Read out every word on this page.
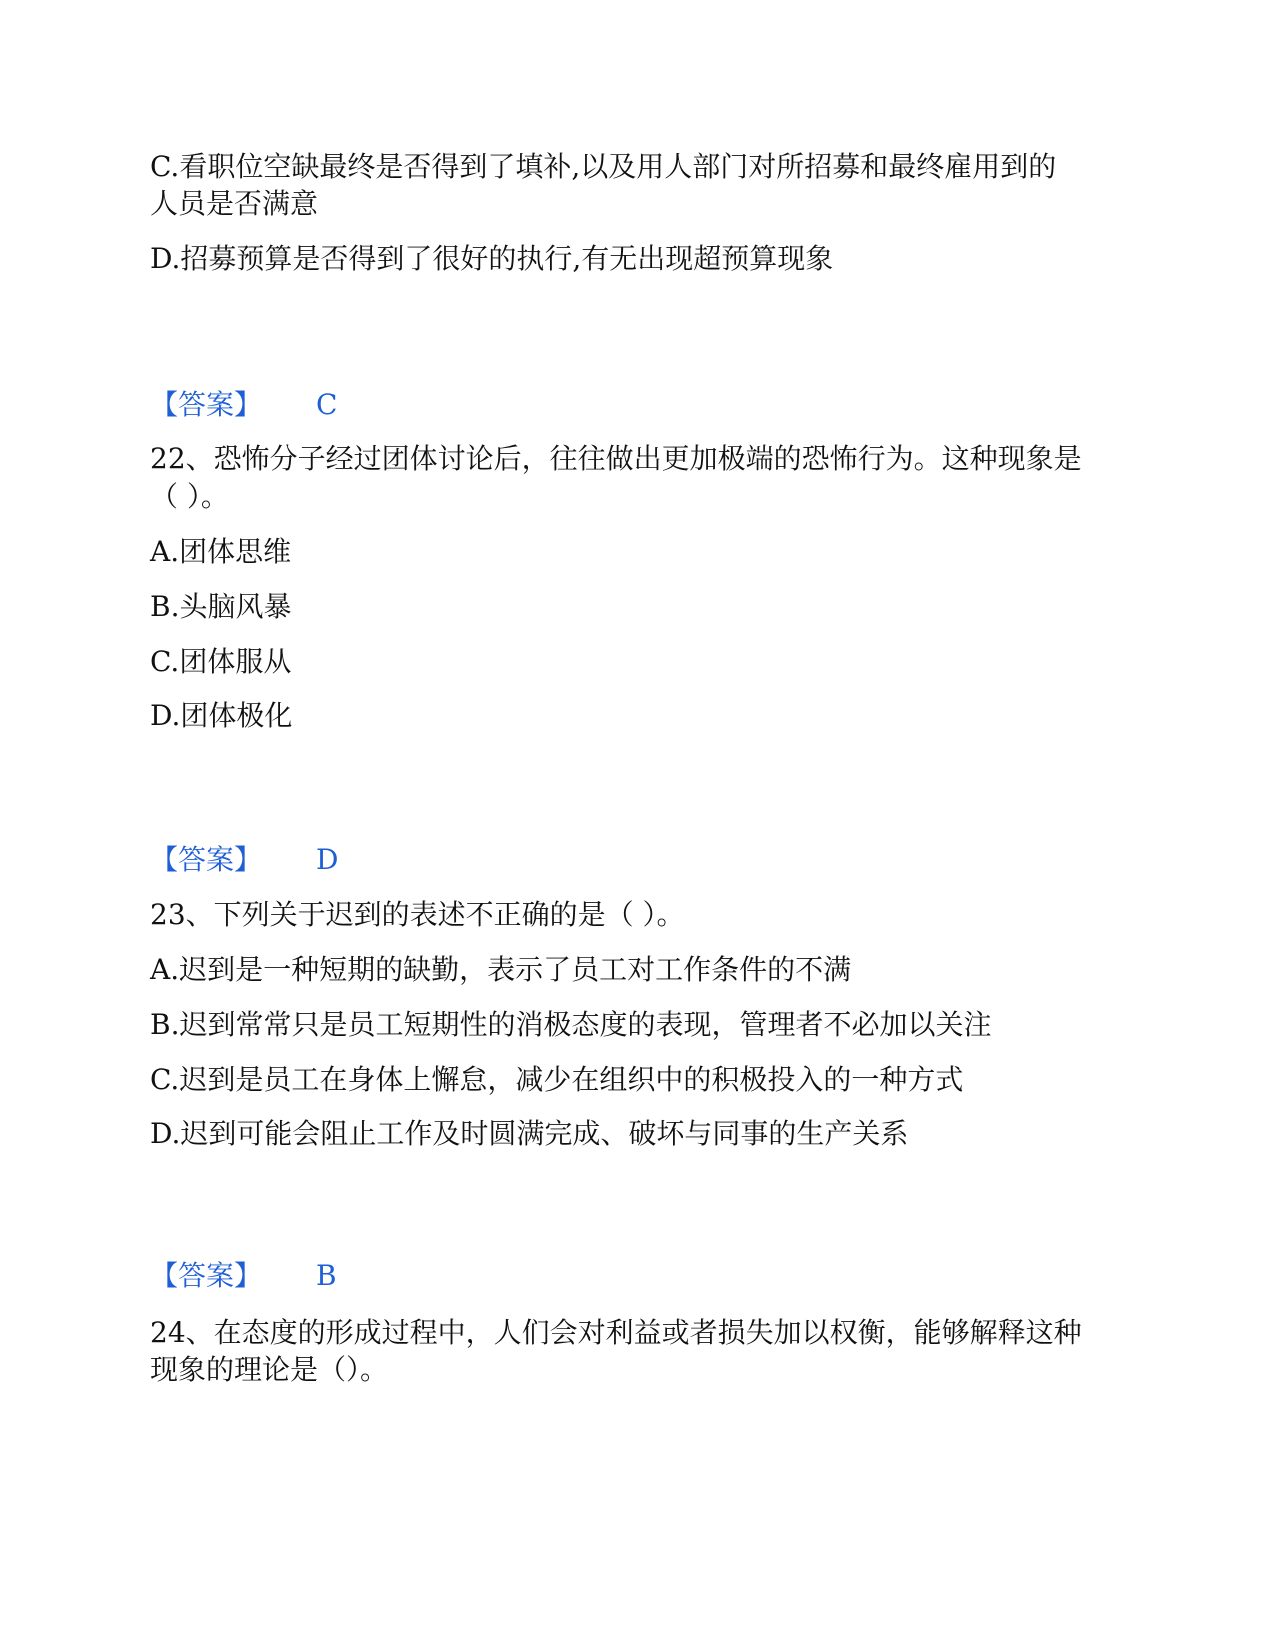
C.看职位空缺最终是否得到了填补,以及用人部门对所招募和最终雇用到的
人员是否满意
D.招募预算是否得到了很好的执行,有无出现超预算现象
【答案】 C
22、恐怖分子经过团体讨论后，往往做出更加极端的恐怖行为。这种现象是
（ ）。
A.团体思维
B.头脑风暴
C.团体服从
D.团体极化
【答案】 D
23、下列关于迟到的表述不正确的是（ ）。
A.迟到是一种短期的缺勤，表示了员工对工作条件的不满
B.迟到常常只是员工短期性的消极态度的表现，管理者不必加以关注
C.迟到是员工在身体上懈怠，减少在组织中的积极投入的一种方式
D.迟到可能会阻止工作及时圆满完成、破坏与同事的生产关系
【答案】 B
24、在态度的形成过程中，人们会对利益或者损失加以权衡，能够解释这种
现象的理论是（）。
